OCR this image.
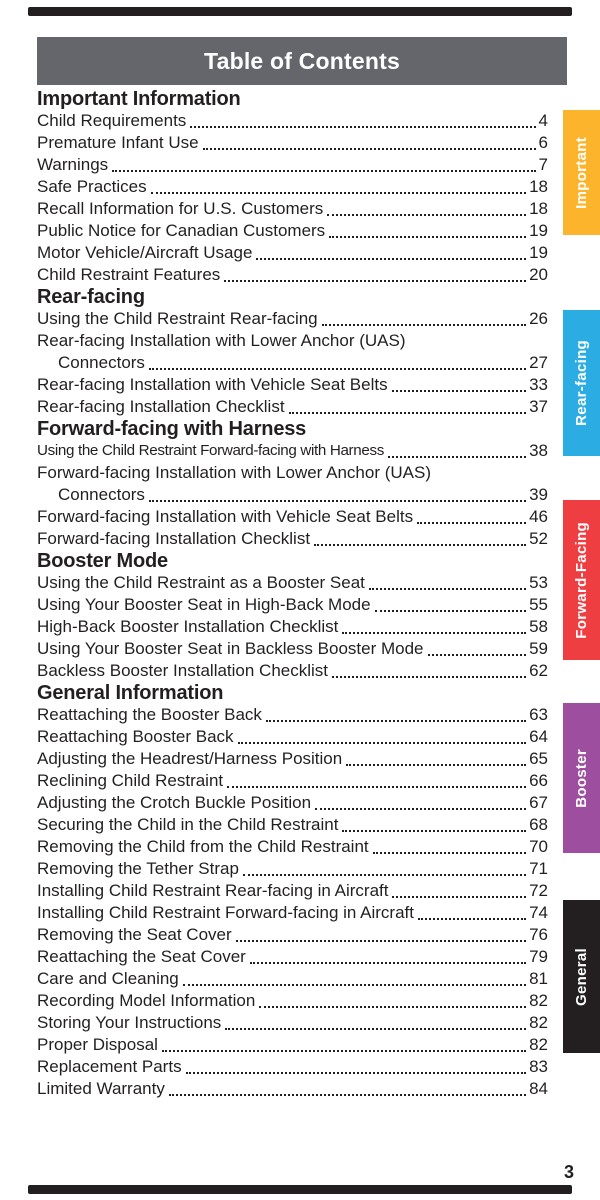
Table of Contents
Important Information
Child Requirements	4
Premature Infant Use	6
Warnings	7
Safe Practices	18
Recall Information for U.S. Customers	18
Public Notice for Canadian Customers	19
Motor Vehicle/Aircraft Usage	19
Child Restraint Features	20
Rear-facing
Using the Child Restraint Rear-facing	26
Rear-facing Installation with Lower Anchor (UAS)
Connectors	27
Rear-facing Installation with Vehicle Seat Belts	33
Rear-facing Installation Checklist	37
Forward-facing with Harness
Using the Child Restraint Forward-facing with Harness	38
Forward-facing Installation with Lower Anchor (UAS)
Connectors	39
Forward-facing Installation with Vehicle Seat Belts	46
Forward-facing Installation Checklist	52
Booster Mode
Using the Child Restraint as a Booster Seat	53
Using Your Booster Seat in High-Back Mode	55
High-Back Booster Installation Checklist	58
Using Your Booster Seat in Backless Booster Mode	59
Backless Booster Installation Checklist	62
General Information
Reattaching the Booster Back	63
Reattaching Booster Back	64
Adjusting the Headrest/Harness Position	65
Reclining Child Restraint	66
Adjusting the Crotch Buckle Position	67
Securing the Child in the Child Restraint	68
Removing the Child from the Child Restraint	70
Removing the Tether Strap	71
Installing Child Restraint Rear-facing in Aircraft	72
Installing Child Restraint Forward-facing in Aircraft	74
Removing the Seat Cover	76
Reattaching the Seat Cover	79
Care and Cleaning	81
Recording Model Information	82
Storing Your Instructions	82
Proper Disposal	82
Replacement Parts	83
Limited Warranty	84
Important
Rear-facing
Forward-Facing
Booster
General
3
